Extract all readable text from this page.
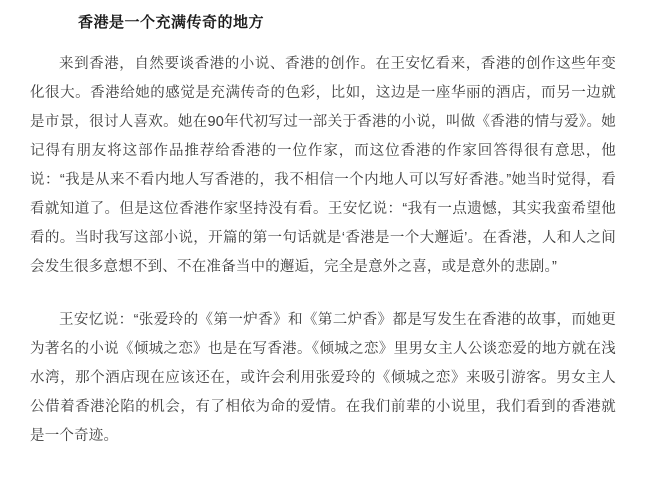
香港是一个充满传奇的地方

来到香港，自然要谈香港的小说、香港的创作。在王安忆看来，香港的创作这些年变化很大。香港给她的感觉是充满传奇的色彩，比如，这边是一座华丽的酒店，而另一边就是市景，很讨人喜欢。她在90年代初写过一部关于香港的小说，叫做《香港的情与爱》。她记得有朋友将这部作品推荐给香港的一位作家，而这位香港的作家回答得很有意思，他说：“我是从来不看内地人写香港的，我不相信一个内地人可以写好香港。”她当时觉得，看看就知道了。但是这位香港作家坚持没有看。王安忆说：“我有一点遗憾，其实我蛮希望他看的。当时我写这部小说，开篇的第一句话就是‘香港是一个大邂逅’。在香港，人和人之间会发生很多意想不到、不在准备当中的邂逅，完全是意外之喜，或是意外的悲剧。”

王安忆说：“张爱玲的《第一炉香》和《第二炉香》都是写发生在香港的故事，而她更为著名的小说《倾城之恋》也是在写香港。《倾城之恋》里男女主人公谈恋爱的地方就在浅水湾，那个酒店现在应该还在，或许会利用张爱玲的《倾城之恋》来吸引游客。男女主人公借着香港沦陷的机会，有了相依为命的爱情。在我们前辈的小说里，我们看到的香港就是一个奇迹。
